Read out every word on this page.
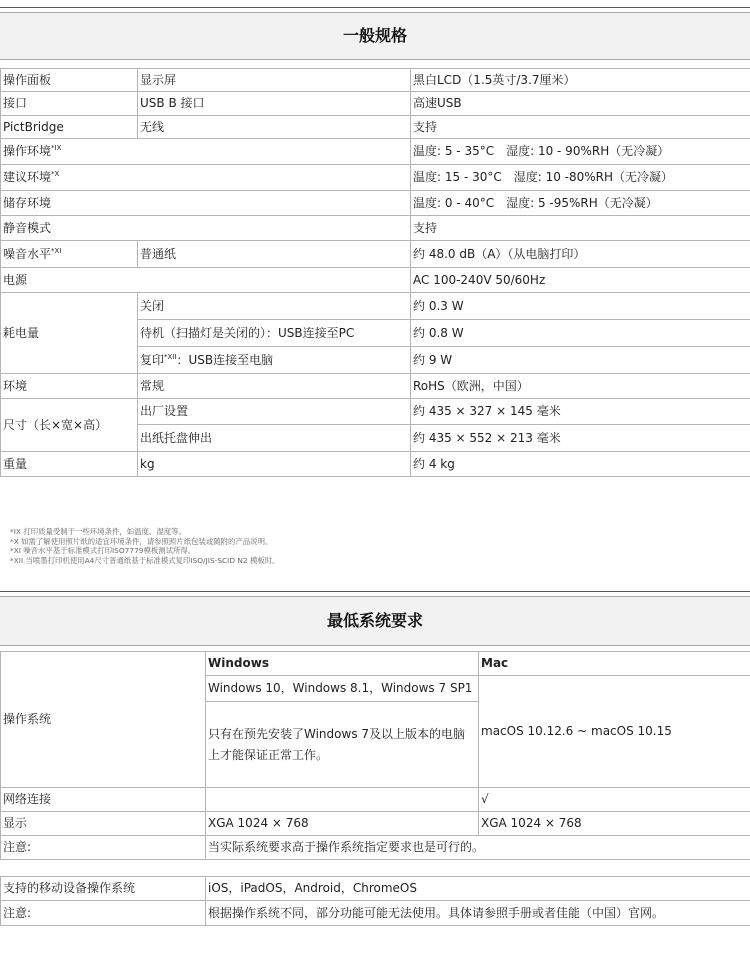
一般规格
操作面板	显示屏	黑白LCD（1.5英寸/3.7厘米）
接口	USB B 接口	高速USB
PictBridge	无线	支持
操作环境$^{*IX}$		温度: 5 - 35°C　湿度: 10 - 90%RH（无冷凝）
建议环境$^{*X}$		温度: 15 - 30°C　湿度: 10 -80%RH（无冷凝）
储存环境		温度: 0 - 40°C　湿度: 5 -95%RH（无冷凝）
静音模式		支持
噪音水平$^{*XI}$	普通纸	约 48.0 dB（A）（从电脑打印）
电源		AC 100-240V 50/60Hz
耗电量	关闭	约 0.3 W
	待机（扫描灯是关闭的）：USB连接至PC	约 0.8 W
	复印$^{*XII}$：USB连接至电脑	约 9 W
环境	常规	RoHS（欧洲，中国）
尺寸（长×宽×高）	出厂设置	约 435 × 327 × 145 毫米
	出纸托盘伸出	约 435 × 552 × 213 毫米
重量	kg	约 4 kg
*IX 打印质量受制于一些环境条件，如温度、湿度等。
*X 如需了解使用照片纸的适宜环境条件，请参照照片纸包装或随附的产品说明。
*XI 噪音水平基于标准模式打印ISO7779模板测试所得。
*XII 当喷墨打印机使用A4尺寸普通纸基于标准模式复印ISO/JIS-SCID N2 模板时。
最低系统要求
操作系统	Windows	Mac
	Windows 10，Windows 8.1，Windows 7 SP1	macOS 10.12.6 ~ macOS 10.15
	只有在预先安装了Windows 7及以上版本的电脑上才能保证正常工作。	
网络连接		√
显示	XGA 1024 × 768	XGA 1024 × 768
注意:	当实际系统要求高于操作系统指定要求也是可行的。	
支持的移动设备操作系统	iOS，iPadOS，Android，ChromeOS
注意:	根据操作系统不同，部分功能可能无法使用。具体请参照手册或者佳能（中国）官网。
